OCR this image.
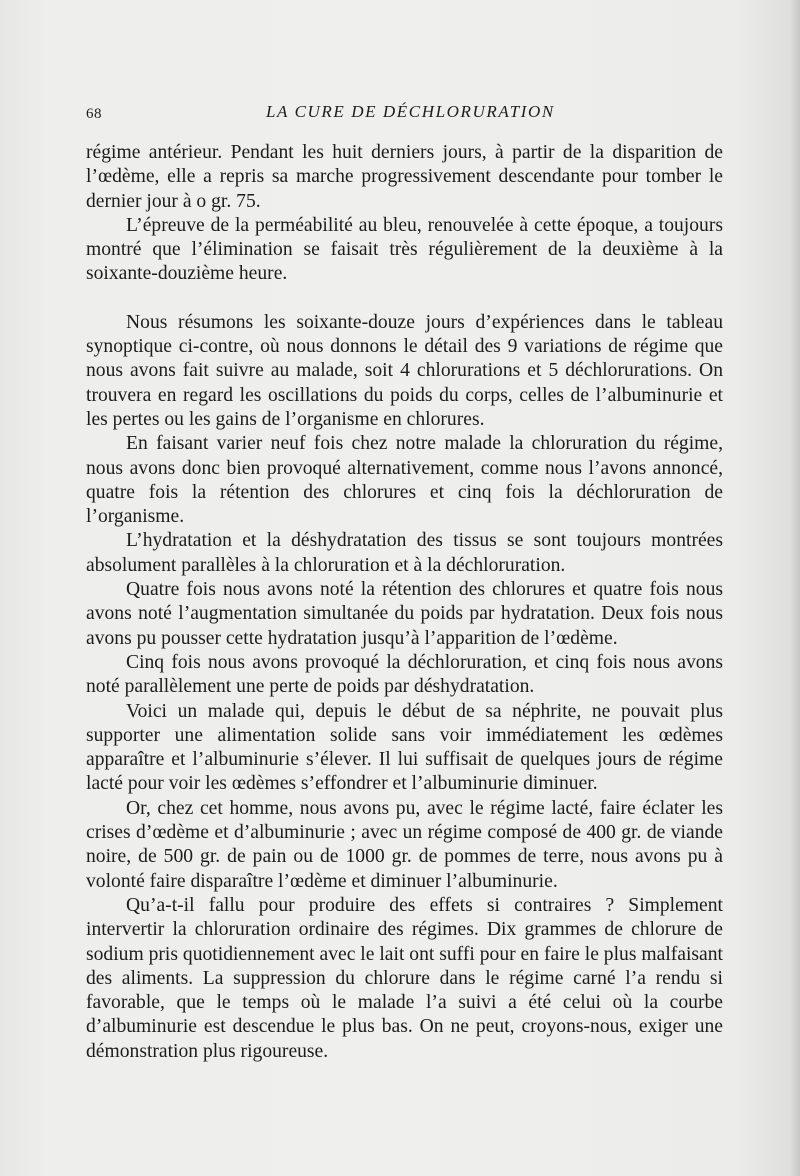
68	LA CURE DE DÉCHLORURATION

régime antérieur. Pendant les huit derniers jours, à partir de la disparition de l’œdème, elle a repris sa marche progressivement descendante pour tomber le dernier jour à o gr. 75.

L’épreuve de la perméabilité au bleu, renouvelée à cette époque, a toujours montré que l’élimination se faisait très régulièrement de la deuxième à la soixante-douzième heure.

Nous résumons les soixante-douze jours d’expériences dans le tableau synoptique ci-contre, où nous donnons le détail des 9 variations de régime que nous avons fait suivre au malade, soit 4 chlorurations et 5 déchlorurations. On trouvera en regard les oscillations du poids du corps, celles de l’albuminurie et les pertes ou les gains de l’organisme en chlorures.

En faisant varier neuf fois chez notre malade la chloruration du régime, nous avons donc bien provoqué alternativement, comme nous l’avons annoncé, quatre fois la rétention des chlorures et cinq fois la déchloruration de l’organisme.

L’hydratation et la déshydratation des tissus se sont toujours montrées absolument parallèles à la chloruration et à la déchloruration.

Quatre fois nous avons noté la rétention des chlorures et quatre fois nous avons noté l’augmentation simultanée du poids par hydratation. Deux fois nous avons pu pousser cette hydratation jusqu’à l’apparition de l’œdème.

Cinq fois nous avons provoqué la déchloruration, et cinq fois nous avons noté parallèlement une perte de poids par déshydratation.

Voici un malade qui, depuis le début de sa néphrite, ne pouvait plus supporter une alimentation solide sans voir immédiatement les œdèmes apparaître et l’albuminurie s’élever. Il lui suffisait de quelques jours de régime lacté pour voir les œdèmes s’effondrer et l’albuminurie diminuer.

Or, chez cet homme, nous avons pu, avec le régime lacté, faire éclater les crises d’œdème et d’albuminurie ; avec un régime composé de 400 gr. de viande noire, de 500 gr. de pain ou de 1000 gr. de pommes de terre, nous avons pu à volonté faire disparaître l’œdème et diminuer l’albuminurie.

Qu’a-t-il fallu pour produire des effets si contraires ? Simplement intervertir la chloruration ordinaire des régimes. Dix grammes de chlorure de sodium pris quotidiennement avec le lait ont suffi pour en faire le plus malfaisant des aliments. La suppression du chlorure dans le régime carné l’a rendu si favorable, que le temps où le malade l’a suivi a été celui où la courbe d’albuminurie est descendue le plus bas. On ne peut, croyons-nous, exiger une démonstration plus rigoureuse.
